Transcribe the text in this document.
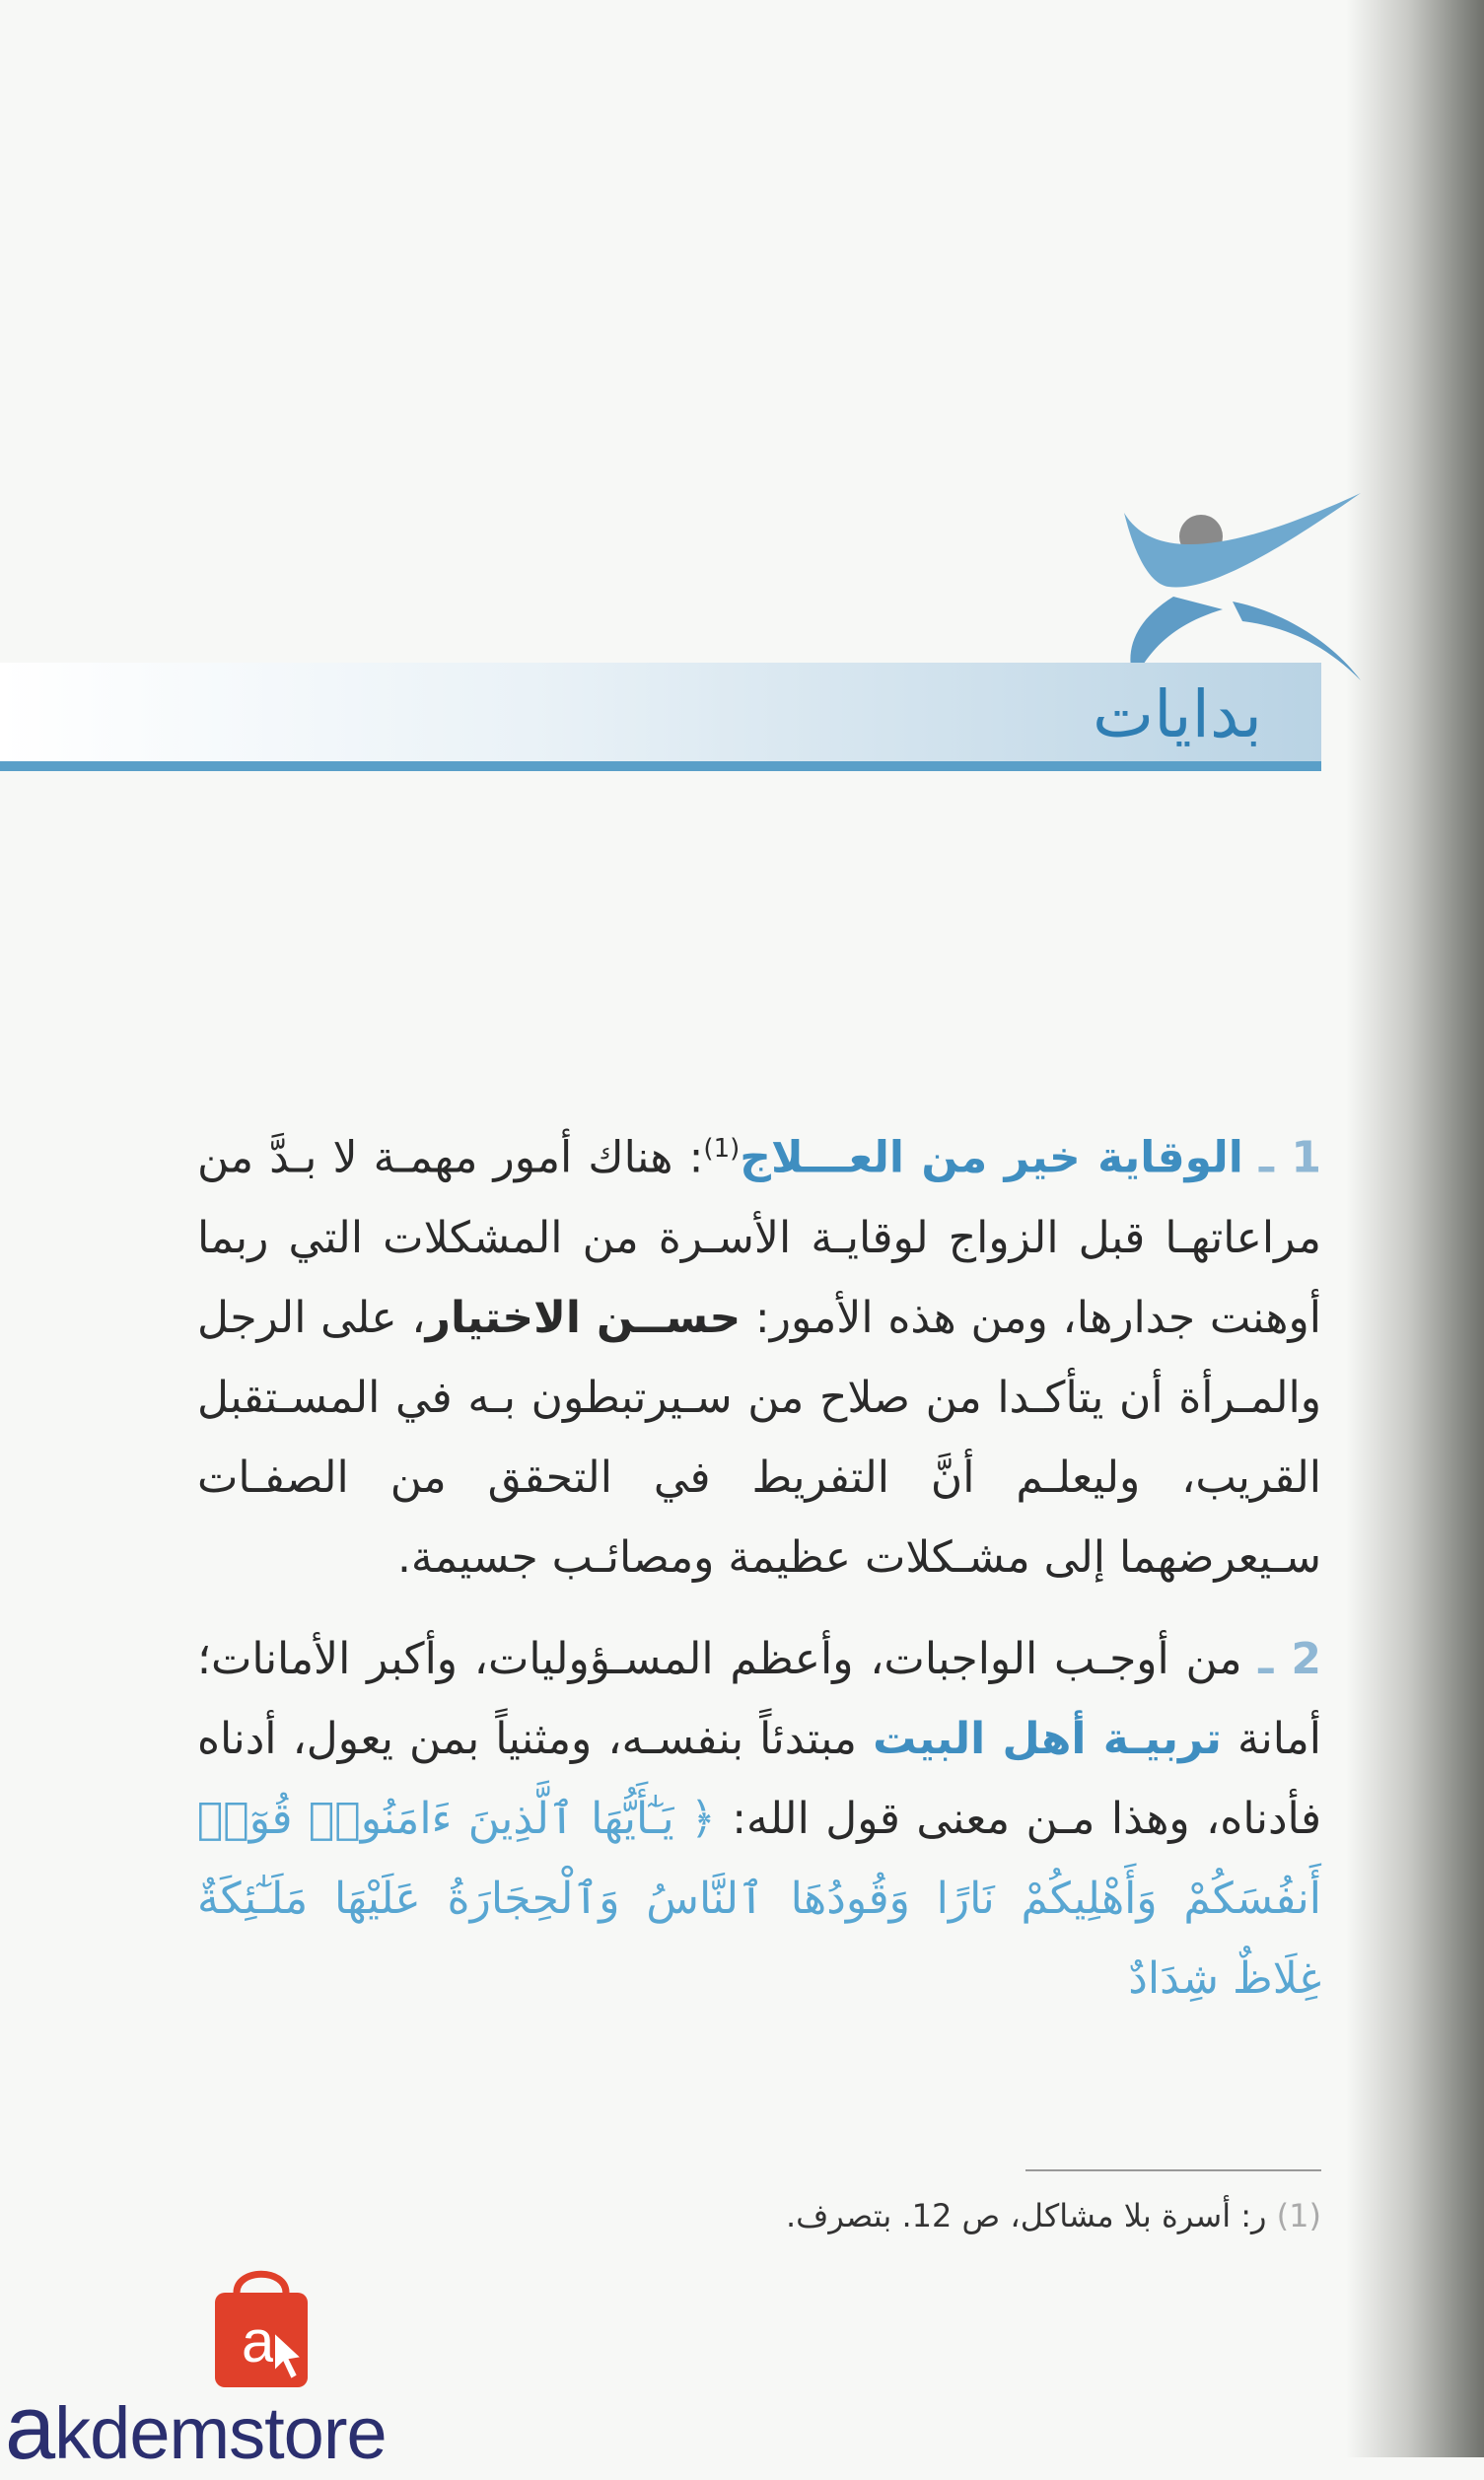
بدايات

1 ـ الوقاية خير من العـــلاج$^{(1)}$: هناك أمور مهمـة لا بـدَّ من مراعاتهـا قبل الزواج لوقايـة الأسـرة من المشكلات التي ربما أوهنت جدارها، ومن هذه الأمور: حســن الاختيار، على الرجل والمـرأة أن يتأكـدا من صلاح من سـيرتبطون بـه في المسـتقبل القريب، وليعلـم أنَّ التفريط في التحقق من الصفـات سـيعرضهما إلى مشـكلات عظيمة ومصائـب جسيمة.

2 ـ من أوجـب الواجبات، وأعظم المسـؤوليات، وأكبر الأمانات؛ أمانة تربيـة أهل البيت مبتدئاً بنفسـه، ومثنياً بمن يعول، أدناه فأدناه، وهذا مـن معنى قول الله: ﴿ يَـٰٓأَيُّهَا ٱلَّذِينَ ءَامَنُوا۟ قُوٓا۟ أَنفُسَكُمْ وَأَهْلِيكُمْ نَارًا وَقُودُهَا ٱلنَّاسُ وَٱلْحِجَارَةُ عَلَيْهَا مَلَـٰٓئِكَةٌ غِلَاظٌ شِدَادٌ

(1) ر: أسرة بلا مشاكل، ص 12. بتصرف.
a
akdemstore
